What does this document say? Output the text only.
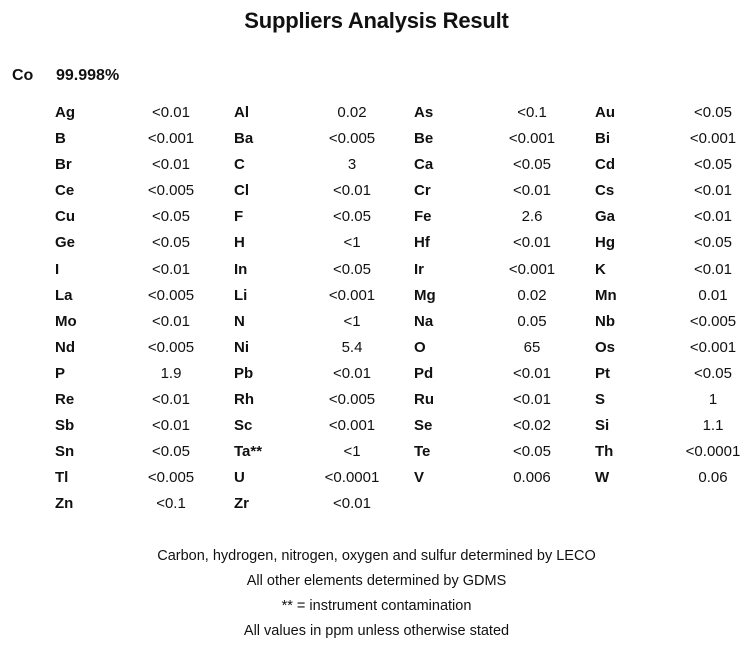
Suppliers Analysis Result
Co 99.998%
Ag	<0.01	Al	0.02	As	<0.1	Au	<0.05
B	<0.001	Ba	<0.005	Be	<0.001	Bi	<0.001
Br	<0.01	C	3	Ca	<0.05	Cd	<0.05
Ce	<0.005	Cl	<0.01	Cr	<0.01	Cs	<0.01
Cu	<0.05	F	<0.05	Fe	2.6	Ga	<0.01
Ge	<0.05	H	<1	Hf	<0.01	Hg	<0.05
I	<0.01	In	<0.05	Ir	<0.001	K	<0.01
La	<0.005	Li	<0.001	Mg	0.02	Mn	0.01
Mo	<0.01	N	<1	Na	0.05	Nb	<0.005
Nd	<0.005	Ni	5.4	O	65	Os	<0.001
P	1.9	Pb	<0.01	Pd	<0.01	Pt	<0.05
Re	<0.01	Rh	<0.005	Ru	<0.01	S	1
Sb	<0.01	Sc	<0.001	Se	<0.02	Si	1.1
Sn	<0.05	Ta**	<1	Te	<0.05	Th	<0.0001
Tl	<0.005	U	<0.0001	V	0.006	W	0.06
Zn	<0.1	Zr	<0.01
Carbon, hydrogen, nitrogen, oxygen and sulfur determined by LECO
All other elements determined by GDMS
** = instrument contamination
All values in ppm unless otherwise stated
